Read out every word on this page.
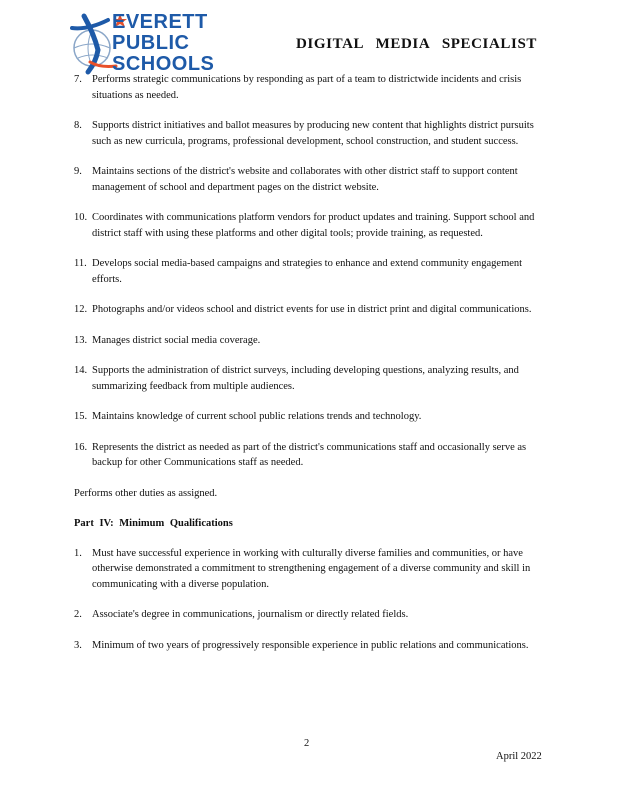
EVERETT
PUBLIC
SCHOOLS
DIGITAL MEDIA SPECIALIST
7. Performs strategic communications by responding as part of a team to districtwide incidents and crisis situations as needed.
8. Supports district initiatives and ballot measures by producing new content that highlights district pursuits such as new curricula, programs, professional development, school construction, and student success.
9. Maintains sections of the district's website and collaborates with other district staff to support content management of school and department pages on the district website.
10. Coordinates with communications platform vendors for product updates and training. Support school and district staff with using these platforms and other digital tools; provide training, as requested.
11. Develops social media-based campaigns and strategies to enhance and extend community engagement efforts.
12. Photographs and/or videos school and district events for use in district print and digital communications.
13. Manages district social media coverage.
14. Supports the administration of district surveys, including developing questions, analyzing results, and summarizing feedback from multiple audiences.
15. Maintains knowledge of current school public relations trends and technology.
16. Represents the district as needed as part of the district's communications staff and occasionally serve as backup for other Communications staff as needed.

Performs other duties as assigned.

Part IV: Minimum Qualifications

1. Must have successful experience in working with culturally diverse families and communities, or have otherwise demonstrated a commitment to strengthening engagement of a diverse community and skill in communicating with a diverse population.
2. Associate's degree in communications, journalism or directly related fields.
3. Minimum of two years of progressively responsible experience in public relations and communications.
2
April 2022
